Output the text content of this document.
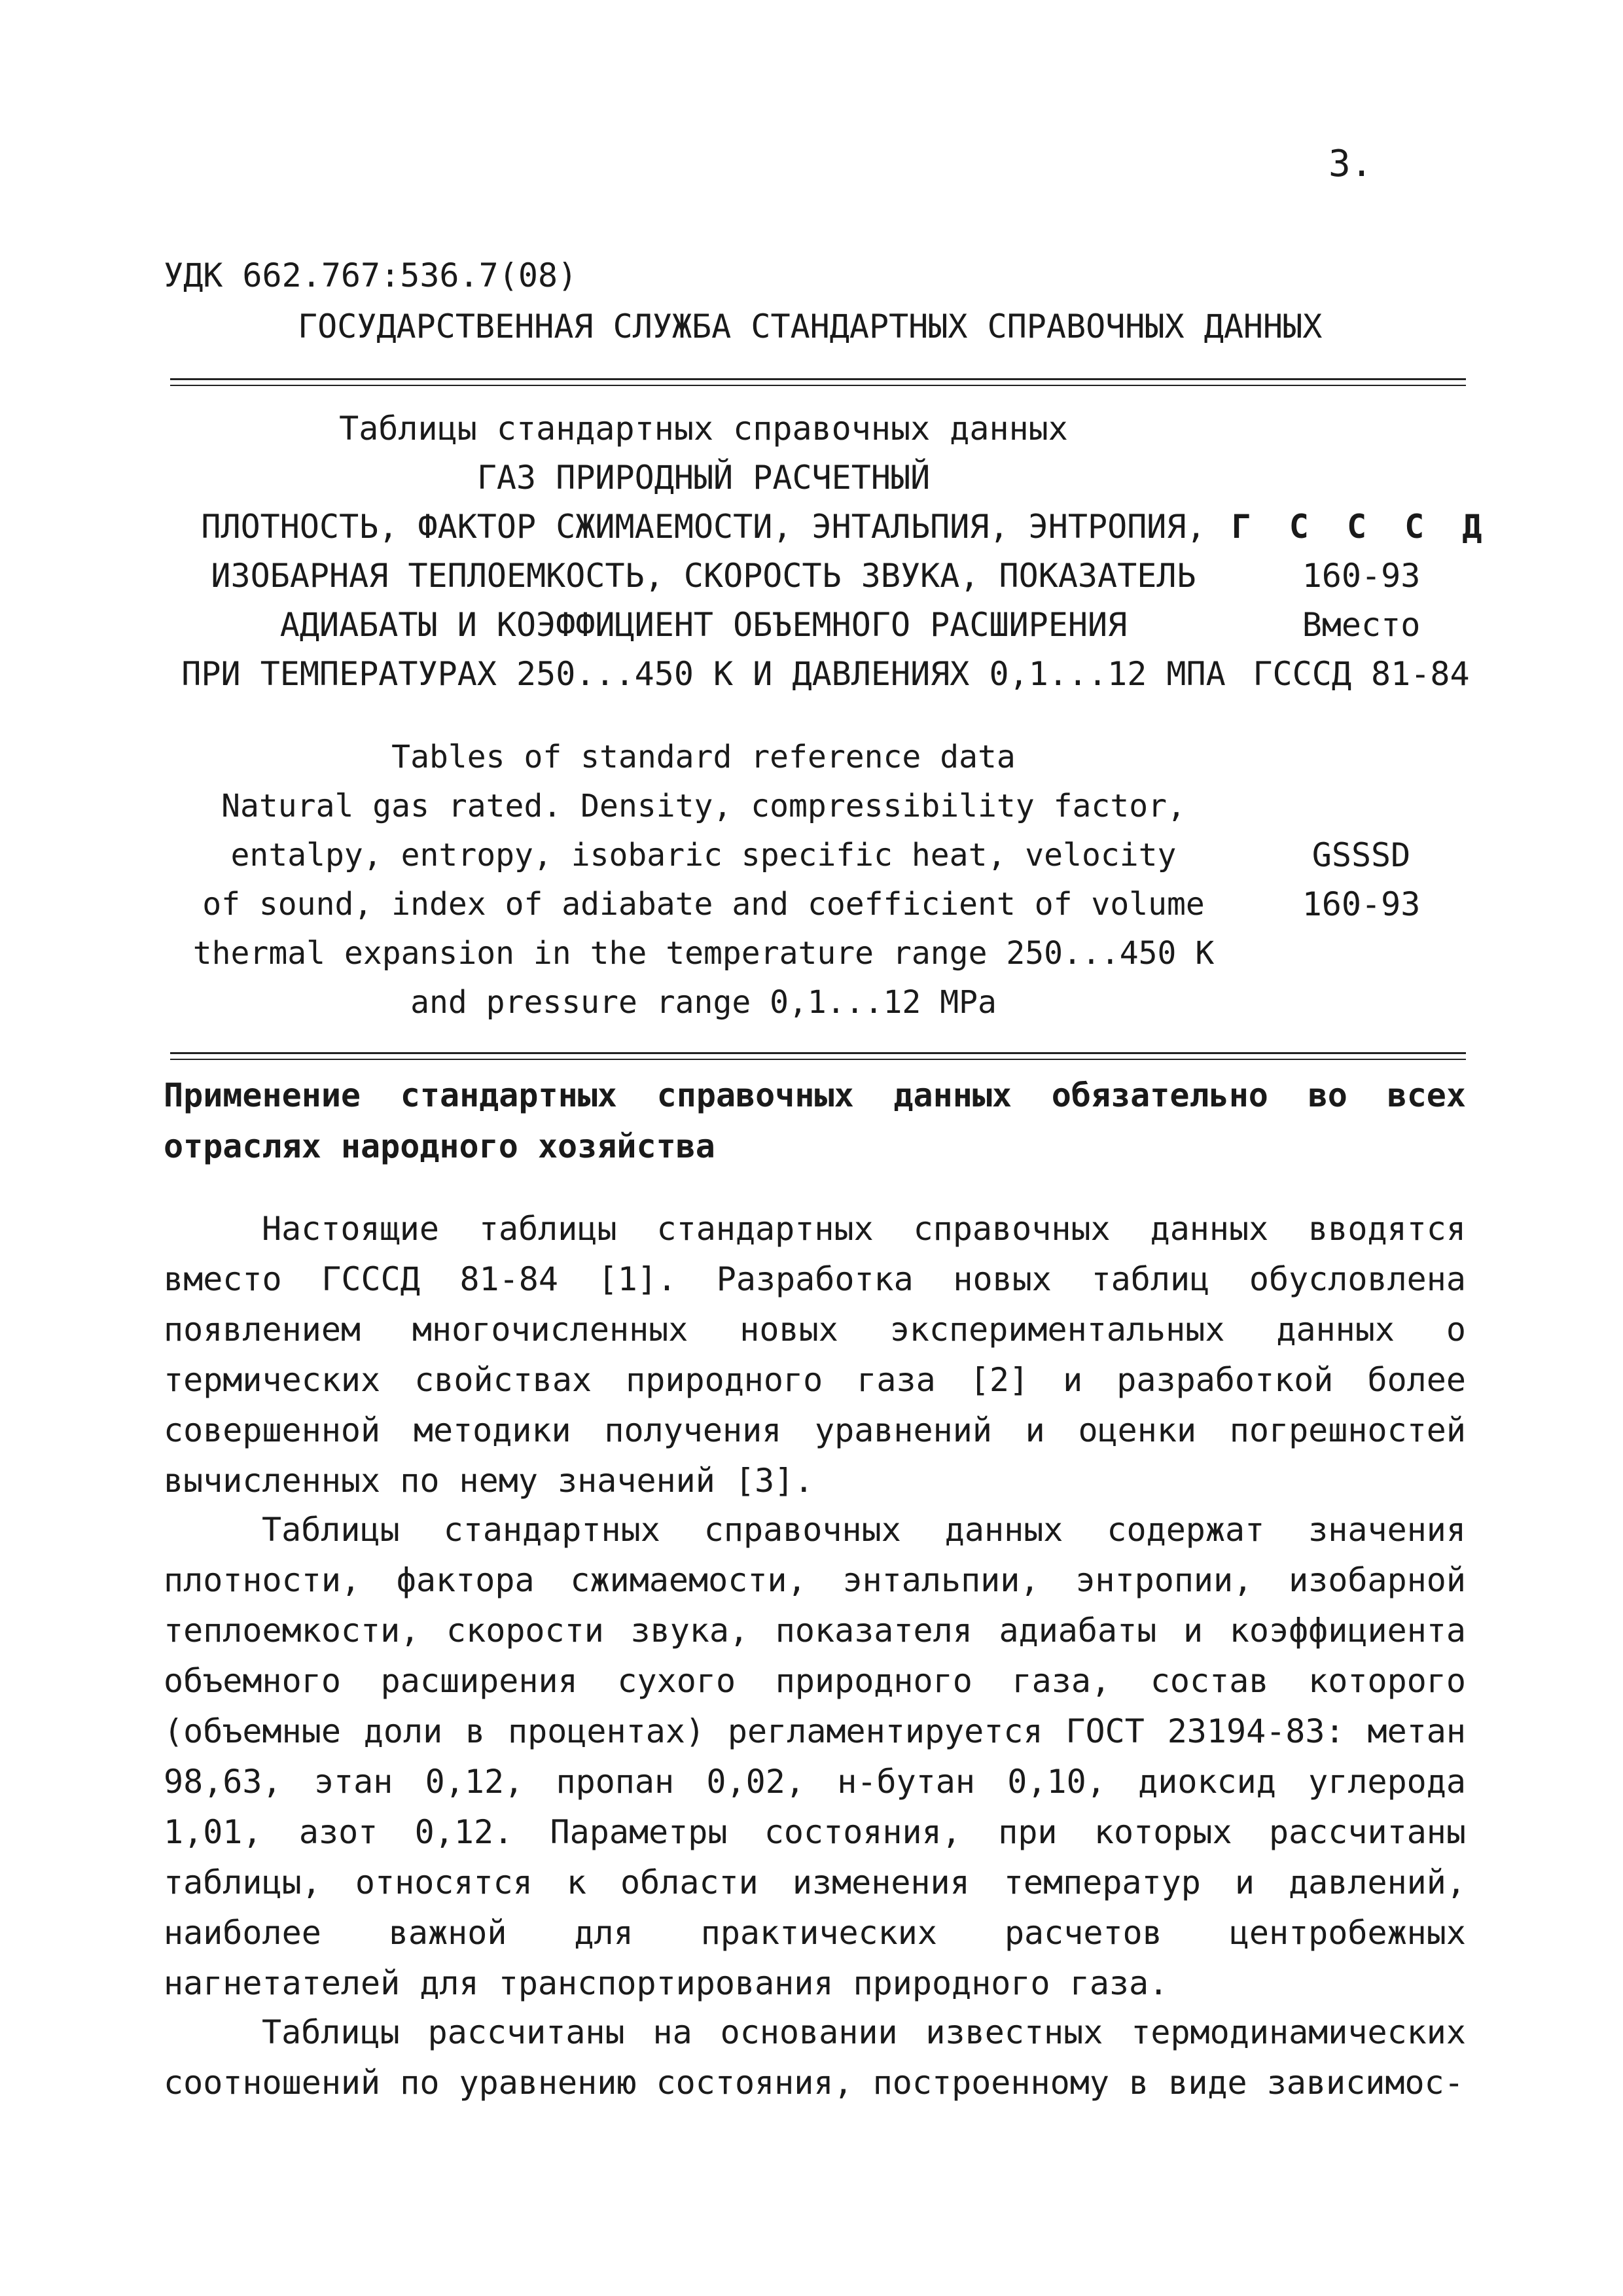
3.
УДК 662.767:536.7(08)
ГОСУДАРСТВЕННАЯ СЛУЖБА СТАНДАРТНЫХ СПРАВОЧНЫХ ДАННЫХ
Таблицы стандартных справочных данных
ГАЗ ПРИРОДНЫЙ РАСЧЕТНЫЙ
ПЛОТНОСТЬ, ФАКТОР СЖИМАЕМОСТИ, ЭНТАЛЬПИЯ, ЭНТРОПИЯ,
ИЗОБАРНАЯ ТЕПЛОЕМКОСТЬ, СКОРОСТЬ ЗВУКА, ПОКАЗАТЕЛЬ
АДИАБАТЫ И КОЭФФИЦИЕНТ ОБЪЕМНОГО РАСШИРЕНИЯ
ПРИ ТЕМПЕРАТУРАХ 250...450 К И ДАВЛЕНИЯХ 0,1...12 МПА
Г С С С Д
160-93
Вместо
ГСССД 81-84
Tables of standard reference data
Natural gas rated. Density, compressibility factor,
entalpy, entropy, isobaric specific heat, velocity
of sound, index of adiabate and coefficient of volume
thermal expansion in the temperature range 250...450 K
and pressure range 0,1...12 MPa
GSSSD
160-93
Применение стандартных справочных данных обязательно во всех отраслях народного хозяйства
Настоящие таблицы стандартных справочных данных вводятся вместо ГСССД 81-84 [1]. Разработка новых таблиц обусловлена появлением многочисленных новых экспериментальных данных о термических свойствах природного газа [2] и разработкой более совершенной методики получения уравнений и оценки погрешностей вычисленных по нему значений [3].
Таблицы стандартных справочных данных содержат значения плотности, фактора сжимаемости, энтальпии, энтропии, изобарной теплоемкости, скорости звука, показателя адиабаты и коэффициента объемного расширения сухого природного газа, состав которого (объемные доли в процентах) регламентируется ГОСТ 23194-83: метан 98,63, этан 0,12, пропан 0,02, н-бутан 0,10, диоксид углерода 1,01, азот 0,12. Параметры состояния, при которых рассчитаны таблицы, относятся к области изменения температур и давлений, наиболее важной для практических расчетов центробежных нагнетателей для транспортирования природного газа.
Таблицы рассчитаны на основании известных термодинамических соотношений по уравнению состояния, построенному в виде зависимос-
